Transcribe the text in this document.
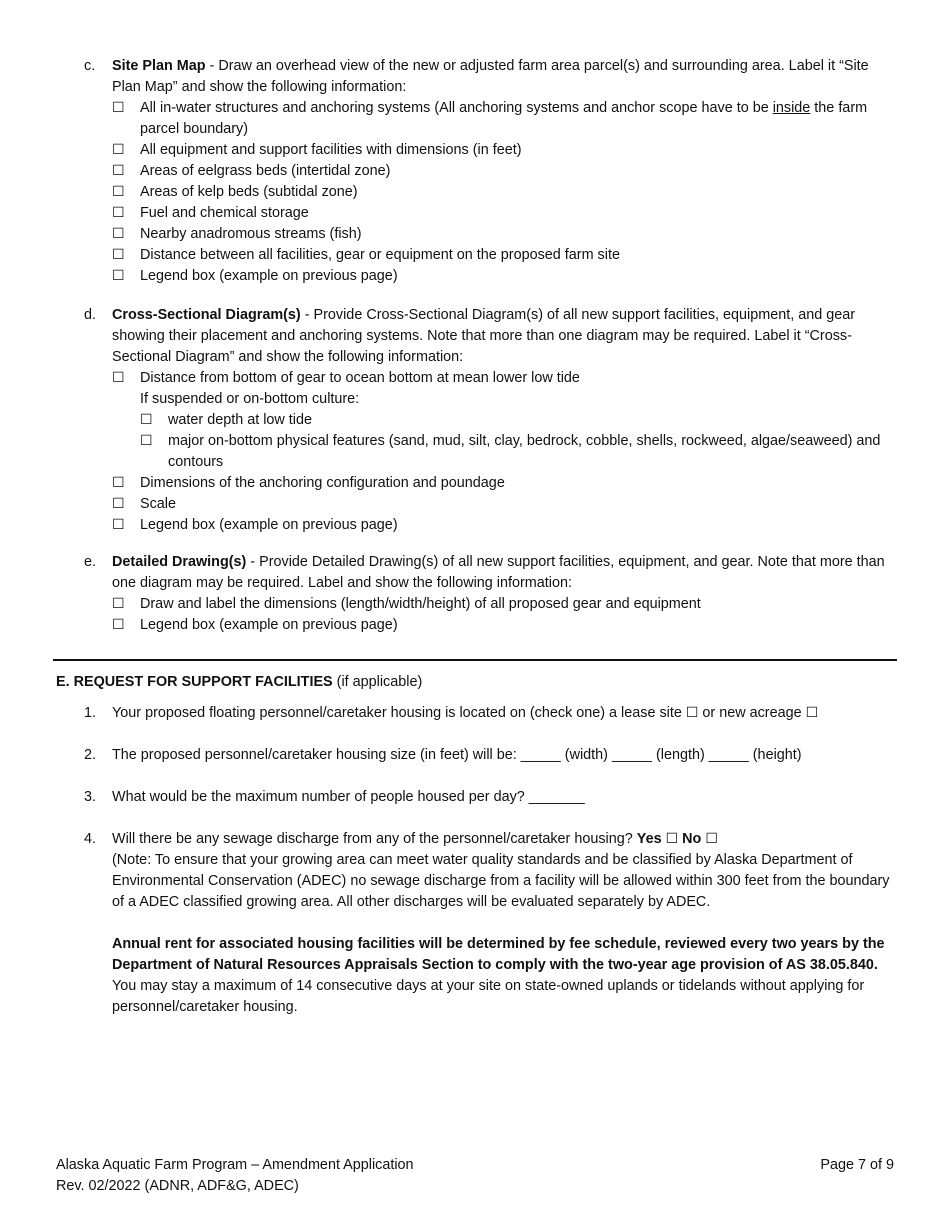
c. Site Plan Map - Draw an overhead view of the new or adjusted farm area parcel(s) and surrounding area. Label it “Site Plan Map” and show the following information:
☐ All in-water structures and anchoring systems (All anchoring systems and anchor scope have to be inside the farm parcel boundary)
☐ All equipment and support facilities with dimensions (in feet)
☐ Areas of eelgrass beds (intertidal zone)
☐ Areas of kelp beds (subtidal zone)
☐ Fuel and chemical storage
☐ Nearby anadromous streams (fish)
☐ Distance between all facilities, gear or equipment on the proposed farm site
☐ Legend box (example on previous page)
d. Cross-Sectional Diagram(s) - Provide Cross-Sectional Diagram(s) of all new support facilities, equipment, and gear showing their placement and anchoring systems. Note that more than one diagram may be required. Label it “Cross-Sectional Diagram” and show the following information:
☐ Distance from bottom of gear to ocean bottom at mean lower low tide
If suspended or on-bottom culture:
☐ water depth at low tide
☐ major on-bottom physical features (sand, mud, silt, clay, bedrock, cobble, shells, rockweed, algae/seaweed) and contours
☐ Dimensions of the anchoring configuration and poundage
☐ Scale
☐ Legend box (example on previous page)
e. Detailed Drawing(s) - Provide Detailed Drawing(s) of all new support facilities, equipment, and gear. Note that more than one diagram may be required. Label and show the following information:
☐ Draw and label the dimensions (length/width/height) of all proposed gear and equipment
☐ Legend box (example on previous page)
E. REQUEST FOR SUPPORT FACILITIES (if applicable)
1. Your proposed floating personnel/caretaker housing is located on (check one) a lease site ☐ or new acreage ☐
2. The proposed personnel/caretaker housing size (in feet) will be: _____ (width) _____ (length) _____ (height)
3. What would be the maximum number of people housed per day? _______
4. Will there be any sewage discharge from any of the personnel/caretaker housing? Yes ☐ No ☐
(Note: To ensure that your growing area can meet water quality standards and be classified by Alaska Department of Environmental Conservation (ADEC) no sewage discharge from a facility will be allowed within 300 feet from the boundary of a ADEC classified growing area. All other discharges will be evaluated separately by ADEC.
Annual rent for associated housing facilities will be determined by fee schedule, reviewed every two years by the Department of Natural Resources Appraisals Section to comply with the two-year age provision of AS 38.05.840. You may stay a maximum of 14 consecutive days at your site on state-owned uplands or tidelands without applying for personnel/caretaker housing.
Alaska Aquatic Farm Program – Amendment Application
Rev. 02/2022 (ADNR, ADF&G, ADEC)
Page 7 of 9
